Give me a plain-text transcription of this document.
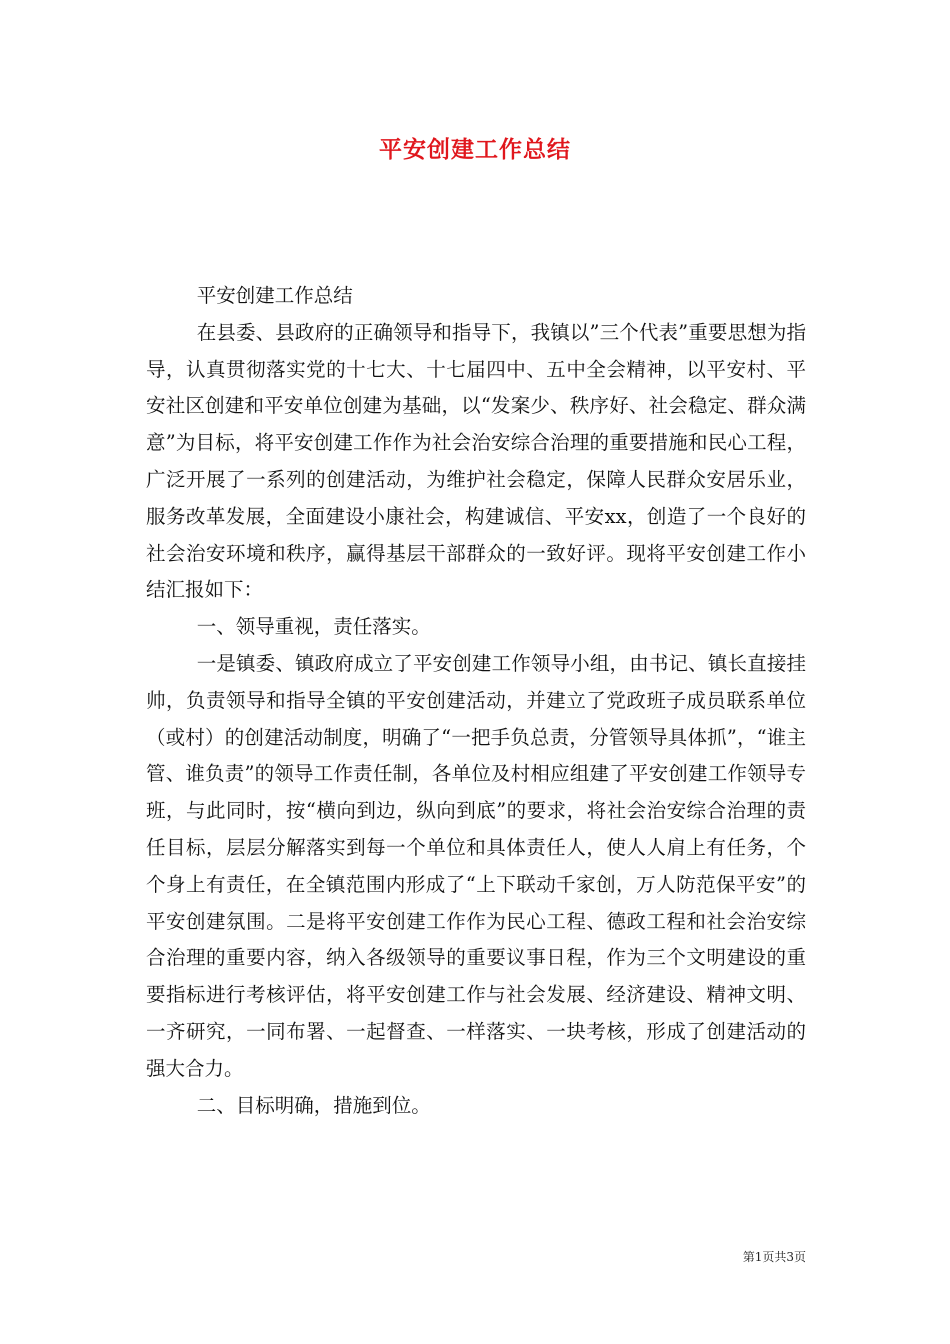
平安创建工作总结

平安创建工作总结

在县委、县政府的正确领导和指导下，我镇以”三个代表”重要思想为指导，认真贯彻落实党的十七大、十七届四中、五中全会精神，以平安村、平安社区创建和平安单位创建为基础，以“发案少、秩序好、社会稳定、群众满意”为目标，将平安创建工作作为社会治安综合治理的重要措施和民心工程，广泛开展了一系列的创建活动，为维护社会稳定，保障人民群众安居乐业，服务改革发展，全面建设小康社会，构建诚信、平安xx，创造了一个良好的社会治安环境和秩序，赢得基层干部群众的一致好评。现将平安创建工作小结汇报如下：

一、领导重视，责任落实。

一是镇委、镇政府成立了平安创建工作领导小组，由书记、镇长直接挂帅，负责领导和指导全镇的平安创建活动，并建立了党政班子成员联系单位（或村）的创建活动制度，明确了“一把手负总责，分管领导具体抓”，“谁主管、谁负责”的领导工作责任制，各单位及村相应组建了平安创建工作领导专班，与此同时，按“横向到边，纵向到底”的要求，将社会治安综合治理的责任目标，层层分解落实到每一个单位和具体责任人，使人人肩上有任务，个个身上有责任，在全镇范围内形成了“上下联动千家创，万人防范保平安”的平安创建氛围。二是将平安创建工作作为民心工程、德政工程和社会治安综合治理的重要内容，纳入各级领导的重要议事日程，作为三个文明建设的重要指标进行考核评估，将平安创建工作与社会发展、经济建设、精神文明、一齐研究，一同布署、一起督查、一样落实、一块考核，形成了创建活动的强大合力。

二、目标明确，措施到位。

第1页共3页
